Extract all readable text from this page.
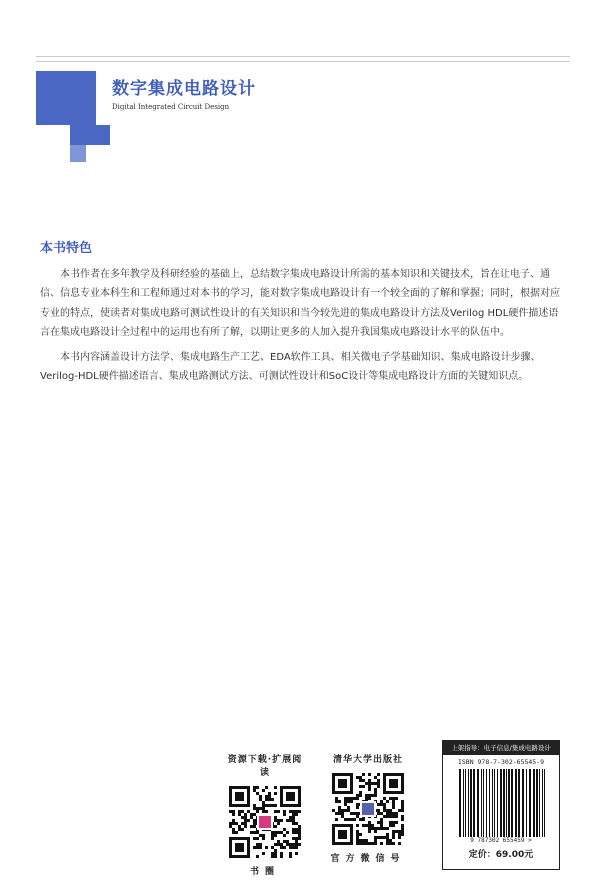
数字集成电路设计
Digital Integrated Circuit Design
本书特色

本书作者在多年教学及科研经验的基础上，总结数字集成电路设计所需的基本知识和关键技术，旨在让电子、通信、信息专业本科生和工程师通过对本书的学习，能对数字集成电路设计有一个较全面的了解和掌握；同时，根据对应专业的特点，使读者对集成电路可测试性设计的有关知识和当今较先进的集成电路设计方法及Verilog HDL硬件描述语言在集成电路设计全过程中的运用也有所了解，以期让更多的人加入提升我国集成电路设计水平的队伍中。

本书内容涵盖设计方法学、集成电路生产工艺、EDA软件工具、相关微电子学基础知识、集成电路设计步骤、Verilog-HDL硬件描述语言、集成电路测试方法、可测试性设计和SoC设计等集成电路设计方面的关键知识点。

资源下载·扩展阅读
书圈
清华大学出版社
官方微信号
上架指导：电子信息/集成电路设计
ISBN 978-7-302-65545-9
9 787302 655459 >
定价：69.00元
